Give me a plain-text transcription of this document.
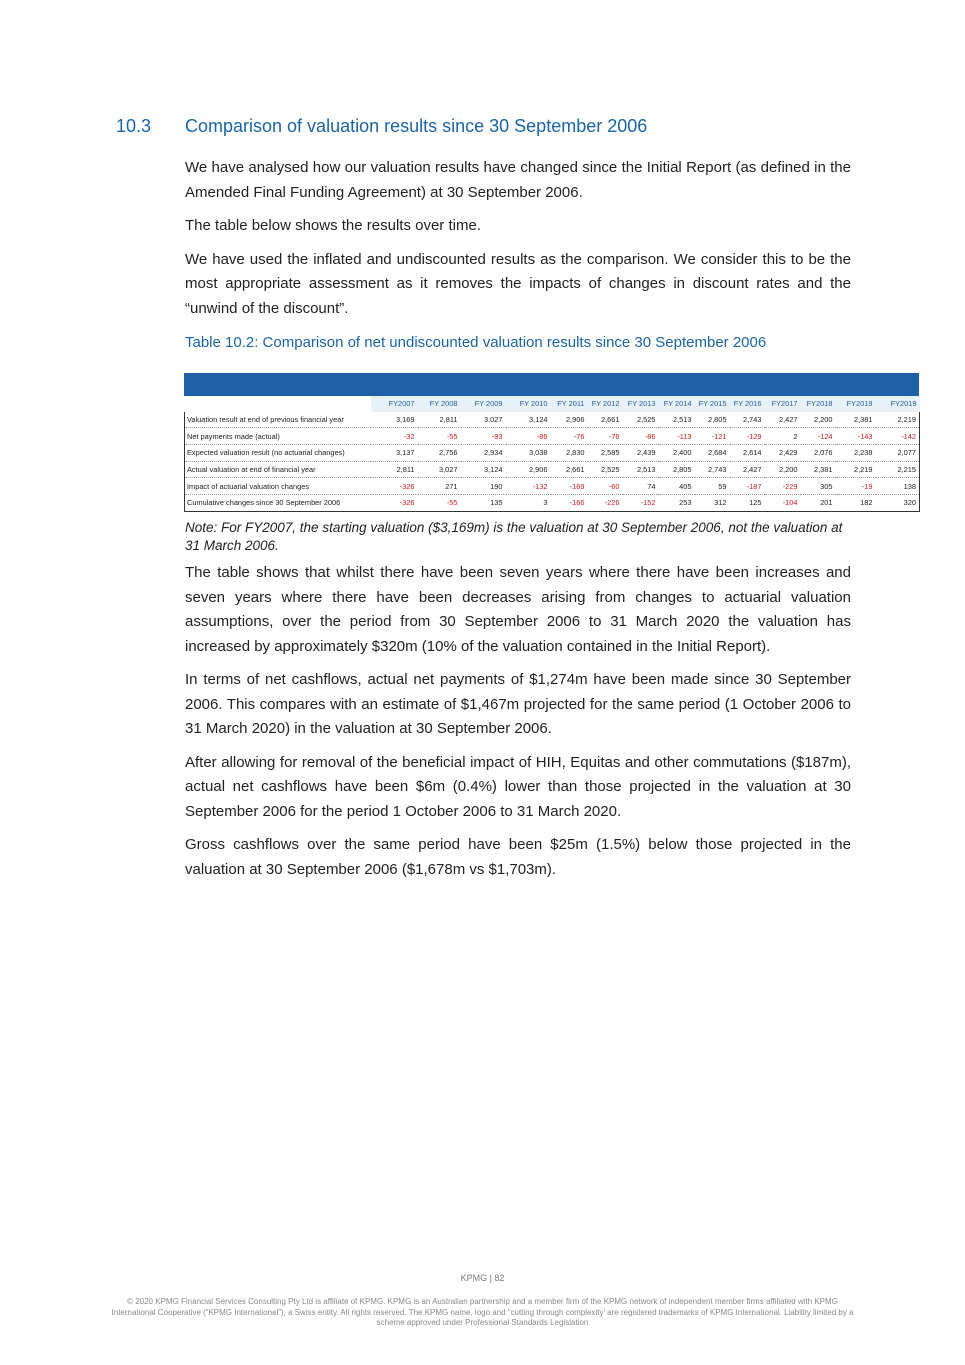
10.3 Comparison of valuation results since 30 September 2006

We have analysed how our valuation results have changed since the Initial Report (as defined in the Amended Final Funding Agreement) at 30 September 2006.

The table below shows the results over time.

We have used the inflated and undiscounted results as the comparison. We consider this to be the most appropriate assessment as it removes the impacts of changes in discount rates and the “unwind of the discount”.

Table 10.2: Comparison of net undiscounted valuation results since 30 September 2006

	FY2007	FY 2008	FY 2009	FY 2010	FY 2011	FY 2012	FY 2013	FY 2014	FY 2015	FY 2016	FY2017	FY2018	FY2019	FY2019
Valuation result at end of previous financial year	3,169	2,811	3,027	3,124	2,906	2,661	2,525	2,513	2,805	2,743	2,427	2,200	2,381	2,219
Net payments made (actual)	-32	-55	-93	-86	-76	-76	-86	-113	-121	-129	2	-124	-143	-142
Expected valuation result (no actuarial changes)	3,137	2,756	2,934	3,038	2,830	2,585	2,439	2,400	2,684	2,614	2,429	2,076	2,238	2,077
Actual valuation at end of financial year	2,811	3,027	3,124	2,906	2,661	2,525	2,513	2,805	2,743	2,427	2,200	2,381	2,219	2,215
Impact of actuarial valuation changes	-326	271	190	-132	-169	-60	74	405	59	-187	-229	305	-19	138
Cumulative changes since 30 September 2006	-326	-55	135	3	-166	-226	-152	253	312	125	-104	201	182	320
Note: For FY2007, the starting valuation ($3,169m) is the valuation at 30 September 2006, not the valuation at 31 March 2006.

The table shows that whilst there have been seven years where there have been increases and seven years where there have been decreases arising from changes to actuarial valuation assumptions, over the period from 30 September 2006 to 31 March 2020 the valuation has increased by approximately $320m (10% of the valuation contained in the Initial Report).

In terms of net cashflows, actual net payments of $1,274m have been made since 30 September 2006. This compares with an estimate of $1,467m projected for the same period (1 October 2006 to 31 March 2020) in the valuation at 30 September 2006.

After allowing for removal of the beneficial impact of HIH, Equitas and other commutations ($187m), actual net cashflows have been $6m (0.4%) lower than those projected in the valuation at 30 September 2006 for the period 1 October 2006 to 31 March 2020.

Gross cashflows over the same period have been $25m (1.5%) below those projected in the valuation at 30 September 2006 ($1,678m vs $1,703m).

KPMG | 82
© 2020 KPMG Financial Services Consulting Pty Ltd is affiliate of KPMG. KPMG is an Australian partnership and a member firm of the KPMG network of independent member firms affiliated with KPMG International Cooperative (“KPMG International”), a Swiss entity. All rights reserved. The KPMG name, logo and “cutting through complexity’ are registered trademarks of KPMG International. Liability limited by a scheme approved under Professional Standards Legislation
